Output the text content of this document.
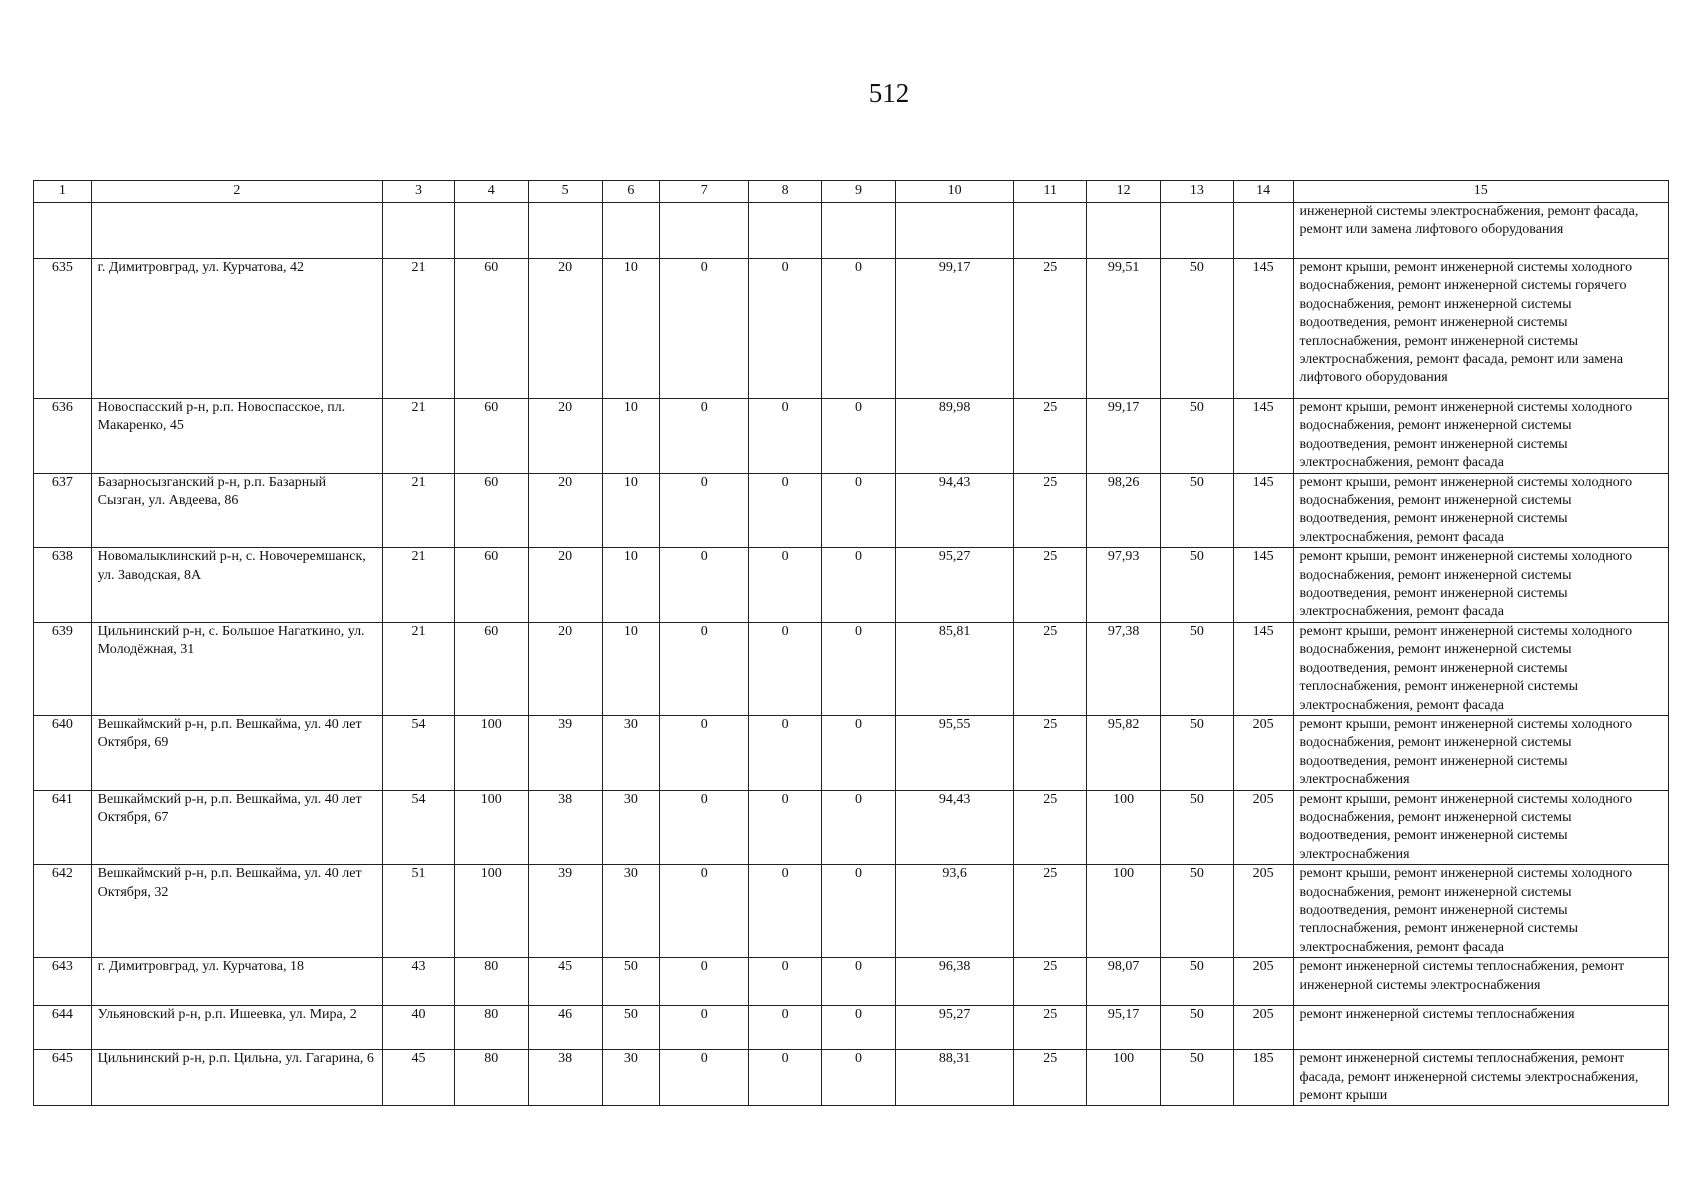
512
1	2	3	4	5	6	7	8	9	10	11	12	13	14	15
														инженерной системы электроснабжения, ремонт фасада, ремонт или замена лифтового оборудования
635	г. Димитровград, ул. Курчатова, 42	21	60	20	10	0	0	0	99,17	25	99,51	50	145	ремонт крыши, ремонт инженерной системы холодного водоснабжения, ремонт инженерной системы горячего водоснабжения, ремонт инженерной системы водоотведения, ремонт инженерной системы теплоснабжения, ремонт инженерной системы электроснабжения, ремонт фасада, ремонт или замена лифтового оборудования
636	Новоспасский р-н, р.п. Новоспасское, пл. Макаренко, 45	21	60	20	10	0	0	0	89,98	25	99,17	50	145	ремонт крыши, ремонт инженерной системы холодного водоснабжения, ремонт инженерной системы водоотведения, ремонт инженерной системы электроснабжения, ремонт фасада
637	Базарносызганский р-н, р.п. Базарный Сызган, ул. Авдеева, 86	21	60	20	10	0	0	0	94,43	25	98,26	50	145	ремонт крыши, ремонт инженерной системы холодного водоснабжения, ремонт инженерной системы водоотведения, ремонт инженерной системы электроснабжения, ремонт фасада
638	Новомалыклинский р-н, с. Новочеремшанск, ул. Заводская, 8А	21	60	20	10	0	0	0	95,27	25	97,93	50	145	ремонт крыши, ремонт инженерной системы холодного водоснабжения, ремонт инженерной системы водоотведения, ремонт инженерной системы электроснабжения, ремонт фасада
639	Цильнинский р-н, с. Большое Нагаткино, ул. Молодёжная, 31	21	60	20	10	0	0	0	85,81	25	97,38	50	145	ремонт крыши, ремонт инженерной системы холодного водоснабжения, ремонт инженерной системы водоотведения, ремонт инженерной системы теплоснабжения, ремонт инженерной системы электроснабжения, ремонт фасада
640	Вешкаймский р-н, р.п. Вешкайма, ул. 40 лет Октября, 69	54	100	39	30	0	0	0	95,55	25	95,82	50	205	ремонт крыши, ремонт инженерной системы холодного водоснабжения, ремонт инженерной системы водоотведения, ремонт инженерной системы электроснабжения
641	Вешкаймский р-н, р.п. Вешкайма, ул. 40 лет Октября, 67	54	100	38	30	0	0	0	94,43	25	100	50	205	ремонт крыши, ремонт инженерной системы холодного водоснабжения, ремонт инженерной системы водоотведения, ремонт инженерной системы электроснабжения
642	Вешкаймский р-н, р.п. Вешкайма, ул. 40 лет Октября, 32	51	100	39	30	0	0	0	93,6	25	100	50	205	ремонт крыши, ремонт инженерной системы холодного водоснабжения, ремонт инженерной системы водоотведения, ремонт инженерной системы теплоснабжения, ремонт инженерной системы электроснабжения, ремонт фасада
643	г. Димитровград, ул. Курчатова, 18	43	80	45	50	0	0	0	96,38	25	98,07	50	205	ремонт инженерной системы теплоснабжения, ремонт инженерной системы электроснабжения
644	Ульяновский р-н, р.п. Ишеевка, ул. Мира, 2	40	80	46	50	0	0	0	95,27	25	95,17	50	205	ремонт инженерной системы теплоснабжения
645	Цильнинский р-н, р.п. Цильна, ул. Гагарина, 6	45	80	38	30	0	0	0	88,31	25	100	50	185	ремонт инженерной системы теплоснабжения, ремонт фасада, ремонт инженерной системы электроснабжения, ремонт крыши
